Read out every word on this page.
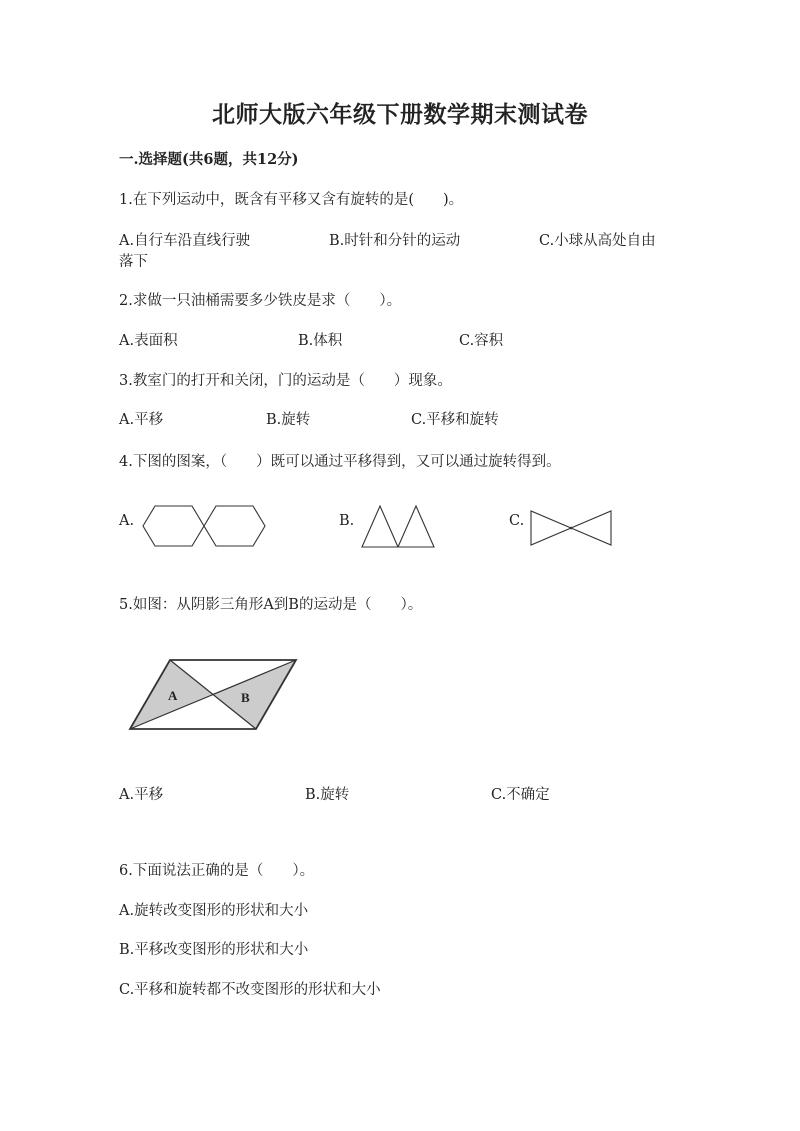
北师大版六年级下册数学期末测试卷
一.选择题(共6题，共12分)
1.在下列运动中，既含有平移又含有旋转的是(　　)。
A.自行车沿直线行驶	B.时针和分针的运动	C.小球从高处自由
落下
2.求做一只油桶需要多少铁皮是求（　　）。
A.表面积	B.体积	C.容积
3.教室门的打开和关闭，门的运动是（　　）现象。
A.平移	B.旋转	C.平移和旋转
4.下图的图案，（　　）既可以通过平移得到，又可以通过旋转得到。
A.	B.	C.
5.如图：从阴影三角形A到B的运动是（　　）。
A	B
A.平移	B.旋转	C.不确定
6.下面说法正确的是（　　）。
A.旋转改变图形的形状和大小
B.平移改变图形的形状和大小
C.平移和旋转都不改变图形的形状和大小
